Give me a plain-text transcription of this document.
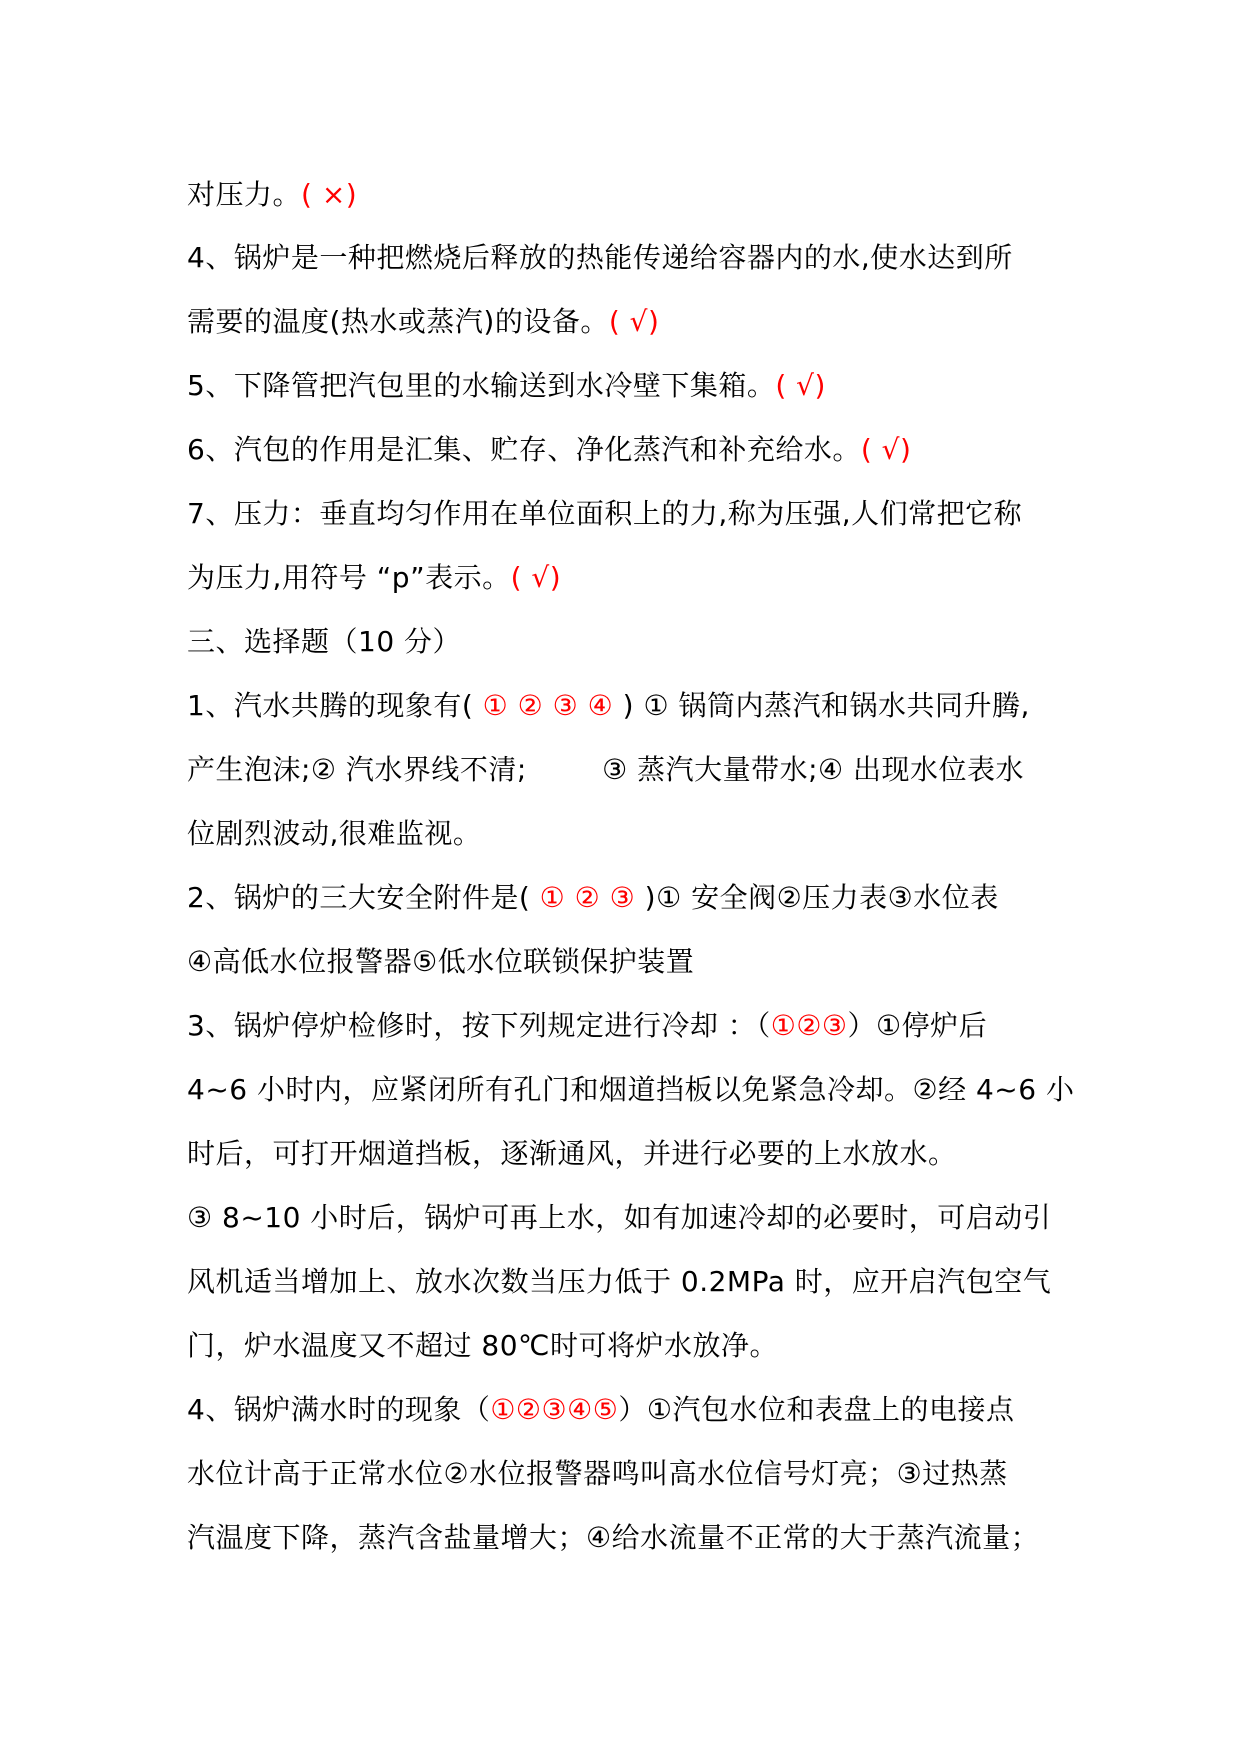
对压力。( ×)
4、锅炉是一种把燃烧后释放的热能传递给容器内的水,使水达到所
需要的温度(热水或蒸汽)的设备。( √)
5、下降管把汽包里的水输送到水冷壁下集箱。( √)
6、汽包的作用是汇集、贮存、净化蒸汽和补充给水。( √)
7、压力：垂直均匀作用在单位面积上的力,称为压强,人们常把它称
为压力,用符号 “p”表示。( √)
三、选择题（10 分）
1、汽水共腾的现象有( ① ② ③ ④ ) ① 锅筒内蒸汽和锅水共同升腾,
产生泡沫;② 汽水界线不清;        ③ 蒸汽大量带水;④ 出现水位表水
位剧烈波动,很难监视。
2、锅炉的三大安全附件是( ① ② ③ )① 安全阀②压力表③水位表
④高低水位报警器⑤低水位联锁保护装置
3、锅炉停炉检修时，按下列规定进行冷却 ：（①②③）①停炉后
4~6 小时内，应紧闭所有孔门和烟道挡板以免紧急冷却。②经 4~6 小
时后，可打开烟道挡板，逐渐通风，并进行必要的上水放水。
③ 8~10 小时后，锅炉可再上水，如有加速冷却的必要时，可启动引
风机适当增加上、放水次数当压力低于 0.2MPa 时，应开启汽包空气
门，炉水温度又不超过 80℃时可将炉水放净。
4、锅炉满水时的现象（①②③④⑤）①汽包水位和表盘上的电接点
水位计高于正常水位②水位报警器鸣叫高水位信号灯亮；③过热蒸
汽温度下降，蒸汽含盐量增大；④给水流量不正常的大于蒸汽流量；
